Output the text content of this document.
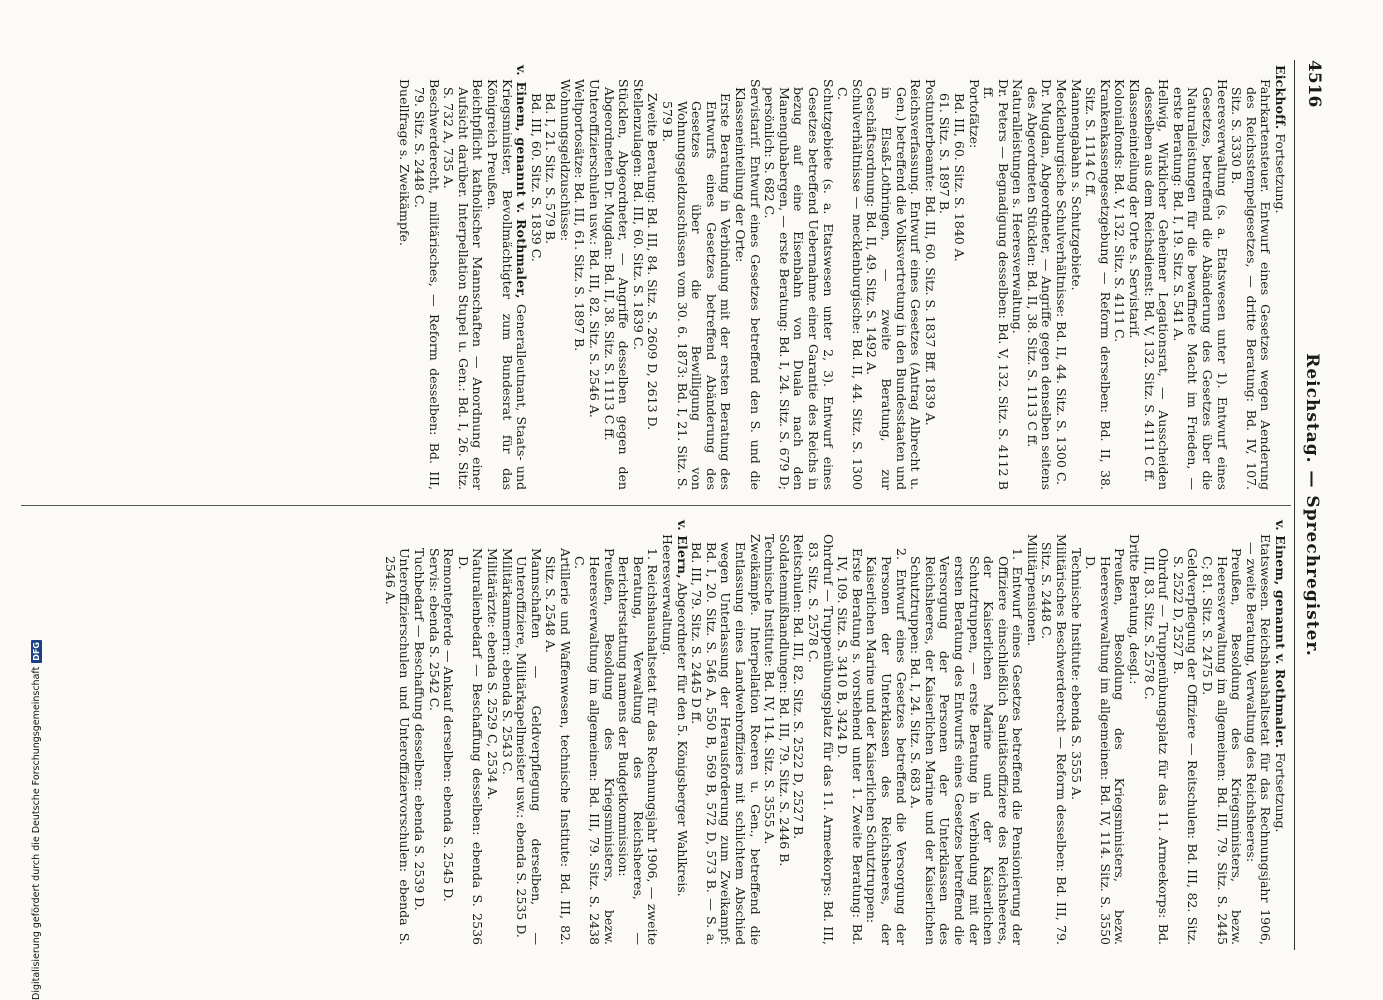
4516
Reichstag. — Sprechregister.

Eickhoff. Fortsetzung.

Fahrkartensteuer. Entwurf eines Gesetzes wegen Aenderung des Reichsstempelgesetzes, — dritte Beratung: Bd. IV, 107. Sitz. S. 3330 B.

Heeresverwaltung (s. a. Etatswesen unter 1). Entwurf eines Gesetzes, betreffend die Abänderung des Gesetzes über die Naturalleistungen für die bewaffnete Macht im Frieden, — erste Beratung: Bd. I, 19. Sitz. S. 541 A.

Hellwig, Wirklicher Geheimer Legationsrat, — Ausscheiden desselben aus dem Reichsdienst: Bd. V, 132. Sitz. S. 4111 C ff.

Klasseneinteilung der Orte s. Servistarif.

Kolonialfonds: Bd. V, 132. Sitz. S. 4111 C.

Krankenkassengesetzgebung — Reform derselben: Bd. II, 38. Sitz. S. 1114 C ff.

Mannengabahn s. Schutzgebiete.

Mecklenburgische Schulverhältnisse: Bd. II, 44. Sitz. S. 1300 C.

Dr. Mugdan, Abgeordneter, — Angriffe gegen denselben seitens des Abgeordneten Stücklen: Bd. II, 38. Sitz. S. 1113 C ff.

Naturalleistungen s. Heeresverwaltung.

Dr. Peters — Begnadigung desselben: Bd. V, 132. Sitz. S. 4112 B ff.

Portofätze:

Bd. III, 60. Sitz. S. 1840 A.

61. Sitz. S. 1897 B.

Postunterbeamte: Bd. III, 60. Sitz. S. 1837 Bff. 1839 A.

Reichsverfassung. Entwurf eines Gesetzes (Antrag Albrecht u. Gen.) betreffend die Volksvertretung in den Bundesstaaten und in Elsaß-Lothringen, — zweite Beratung, zur Geschäftsordnung: Bd. II, 49. Sitz. S. 1492 A.

Schulverhältnisse — mecklenburgische: Bd. II, 44. Sitz. S. 1300 C.

Schutzgebiete (s. a. Etatswesen unter 2, 3). Entwurf eines Gesetzes betreffend Uebernahme einer Garantie des Reichs in bezug auf eine Eisenbahn von Duala nach den Manengubabergen, — erste Beratung: Bd. I, 24. Sitz. S. 679 D; persönlich: S. 682 C.

Servistarif. Entwurf eines Gesetzes betreffend den S. und die Klasseneinteilung der Orte:

Erste Beratung in Verbindung mit der ersten Beratung des Entwurfs eines Gesetzes betreffend Abänderung des Gesetzes über die Bewilligung von Wohnungsgeldzuschüssen vom 30. 6. 1873: Bd. I, 21. Sitz. S. 579 B.

Zweite Beratung: Bd. III, 84. Sitz. S. 2609 D, 2613 D.

Stellenzulagen: Bd. III, 60. Sitz. S. 1839 C.

Stücklen, Abgeordneter, — Angriffe desselben gegen den Abgeordneten Dr. Mugdan: Bd. II, 38. Sitz. S. 1113 C ff.

Unteroffizierschulen usw.: Bd. III, 82. Sitz. S. 2546 A.

Weltportosätze: Bd. III, 61. Sitz. S. 1897 B.

Wohnungsgeldzuschüsse:

Bd. I, 21. Sitz. S. 579 B.

Bd. III, 60. Sitz. S. 1839 C.

v. Einem, genannt v. Rothmaler, Generalleutnant, Staats- und Kriegsminister, Bevollmächtigter zum Bundesrat für das Königreich Preußen.

Beichtpflicht katholischer Mannschaften — Anordnung einer Aufsicht darüber. Interpellation Stupel u. Gen.: Bd. I, 26. Sitz. S. 732 A, 735 A.

Beschwerderecht, militärisches, — Reform desselben: Bd. III, 79. Sitz. S. 2448 C.

Duellfrage s. Zweikämpfe.

v. Einem, genannt v. Rothmaler. Fortsetzung.

Etatswesen. Reichshaushaltsetat für das Rechnungsjahr 1906, — zweite Beratung, Verwaltung des Reichsheeres:

Preußen, Besoldung des Kriegsministers, bezw. Heeresverwaltung im allgemeinen: Bd. III, 79. Sitz. S. 2445 C; 81. Sitz. S. 2475 D.

Geldverpflegung der Offiziere — Reitschulen: Bd. III, 82. Sitz. S. 2522 D, 2527 B.

Ohrdruf — Truppenübungsplatz für das 11. Armeekorps: Bd. III, 83. Sitz. S. 2578 C.

Dritte Beratung, desgl.:

Preußen, Besoldung des Kriegsministers, bezw. Heeresverwaltung im allgemeinen: Bd. IV, 114. Sitz. S. 3550 D.

Technische Institute: ebenda S. 3555 A.

Militärisches Beschwerderecht — Reform desselben: Bd. III, 79. Sitz. S. 2448 C.

Militärpensionen.

1. Entwurf eines Gesetzes betreffend die Pensionierung der Offiziere einschließlich Sanitätsoffiziere des Reichsheeres, der Kaiserlichen Marine und der Kaiserlichen Schutztruppen, — erste Beratung in Verbindung mit der ersten Beratung des Entwurfs eines Gesetzes betreffend die Versorgung der Personen der Unterklassen des Reichsheeres, der Kaiserlichen Marine und der Kaiserlichen Schutztruppen: Bd. I, 24. Sitz. S. 683 A.

2. Entwurf eines Gesetzes betreffend die Versorgung der Personen der Unterklassen des Reichsheeres, der Kaiserlichen Marine und der Kaiserlichen Schutztruppen:

Erste Beratung s. vorstehend unter 1. Zweite Beratung: Bd. IV, 109. Sitz. S. 3410 B, 3424 D.

Ohrdruf — Truppenübungsplatz für das 11. Armeekorps: Bd. III, 83. Sitz. S. 2578 C.

Reitschulen: Bd. III, 82. Sitz. S. 2522 D, 2527 B.

Soldatenmißhandlungen: Bd. III, 79. Sitz. S. 2446 B.

Technische Institute: Bd. IV, 114. Sitz. S. 3555 A.

Zweikämpfe. Interpellation Roeren u. Gen., betreffend die Entlassung eines Landwehroffiziers mit schlichtem Abschied wegen Unterlassung der Herausforderung zum Zweikampf: Bd. I, 20. Sitz. S. 546 A, 550 B, 569 B, 572 D, 573 B. — S. a. Bd. III, 79. Sitz. S. 2445 D ff.

v. Elern, Abgeordneter für den 5. Königsberger Wahlkreis.

Heeresverwaltung.

1. Reichshaushaltsetat für das Rechnungsjahr 1906, — zweite Beratung, Verwaltung des Reichsheeres, — Berichterstattung namens der Budgetkommission:

Preußen, Besoldung des Kriegsministers, bezw. Heeresverwaltung im allgemeinen: Bd. III, 79. Sitz. S. 2438 C.

Artillerie und Waffenwesen, technische Institute: Bd. III, 82. Sitz. S. 2548 A.

Mannschaften — Geldverpflegung derselben, — Unteroffiziere, Militärkapellmeister usw.: ebenda S. 2535 D.

Militärkammern: ebenda S. 2543 C.

Militärärzte: ebenda S. 2529 C, 2534 A.

Naturalienbedarf — Beschaffung desselben: ebenda S. 2536 D.

Remontepferde — Ankauf derselben: ebenda S. 2545 D.

Servis: ebenda S. 2542 C.

Tuchbedarf — Beschaffung desselben: ebenda S. 2539 D.

Unteroffizierschulen und Unteroffiziervorschulen: ebenda S. 2546 A.

Digitalisierung gefördert durch die Deutsche Forschungsgemeinschaft
DFG
